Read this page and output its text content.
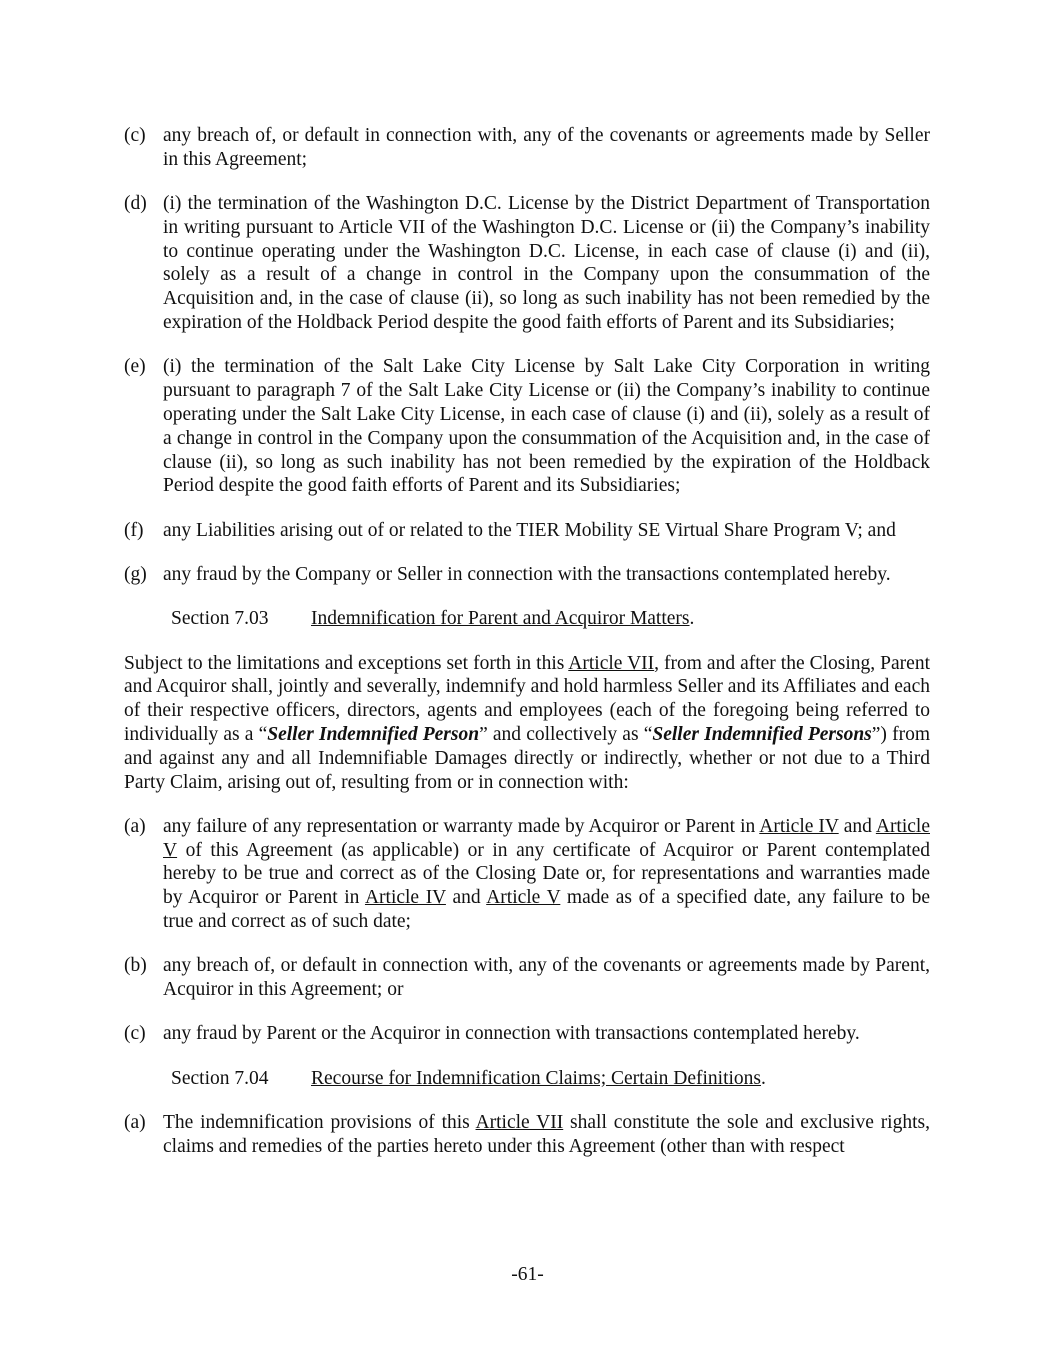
(c) any breach of, or default in connection with, any of the covenants or agreements made by Seller in this Agreement;
(d) (i) the termination of the Washington D.C. License by the District Department of Transportation in writing pursuant to Article VII of the Washington D.C. License or (ii) the Company’s inability to continue operating under the Washington D.C. License, in each case of clause (i) and (ii), solely as a result of a change in control in the Company upon the consummation of the Acquisition and, in the case of clause (ii), so long as such inability has not been remedied by the expiration of the Holdback Period despite the good faith efforts of Parent and its Subsidiaries;
(e) (i) the termination of the Salt Lake City License by Salt Lake City Corporation in writing pursuant to paragraph 7 of the Salt Lake City License or (ii) the Company’s inability to continue operating under the Salt Lake City License, in each case of clause (i) and (ii), solely as a result of a change in control in the Company upon the consummation of the Acquisition and, in the case of clause (ii), so long as such inability has not been remedied by the expiration of the Holdback Period despite the good faith efforts of Parent and its Subsidiaries;
(f)	any Liabilities arising out of or related to the TIER Mobility SE Virtual Share Program V; and
(g) any fraud by the Company or Seller in connection with the transactions contemplated hereby.
Section 7.03 Indemnification for Parent and Acquiror Matters.
Subject to the limitations and exceptions set forth in this Article VII, from and after the Closing, Parent and Acquiror shall, jointly and severally, indemnify and hold harmless Seller and its Affiliates and each of their respective officers, directors, agents and employees (each of the foregoing being referred to individually as a “Seller Indemnified Person” and collectively as “Seller Indemnified Persons”) from and against any and all Indemnifiable Damages directly or indirectly, whether or not due to a Third Party Claim, arising out of, resulting from or in connection with:
(a) any failure of any representation or warranty made by Acquiror or Parent in Article IV and Article V of this Agreement (as applicable) or in any certificate of Acquiror or Parent contemplated hereby to be true and correct as of the Closing Date or, for representations and warranties made by Acquiror or Parent in Article IV and Article V made as of a specified date, any failure to be true and correct as of such date;
(b) any breach of, or default in connection with, any of the covenants or agreements made by Parent, Acquiror in this Agreement; or
(c) any fraud by Parent or the Acquiror in connection with transactions contemplated hereby.
Section 7.04 Recourse for Indemnification Claims; Certain Definitions.
(a) The indemnification provisions of this Article VII shall constitute the sole and exclusive rights, claims and remedies of the parties hereto under this Agreement (other than with respect
-61-
